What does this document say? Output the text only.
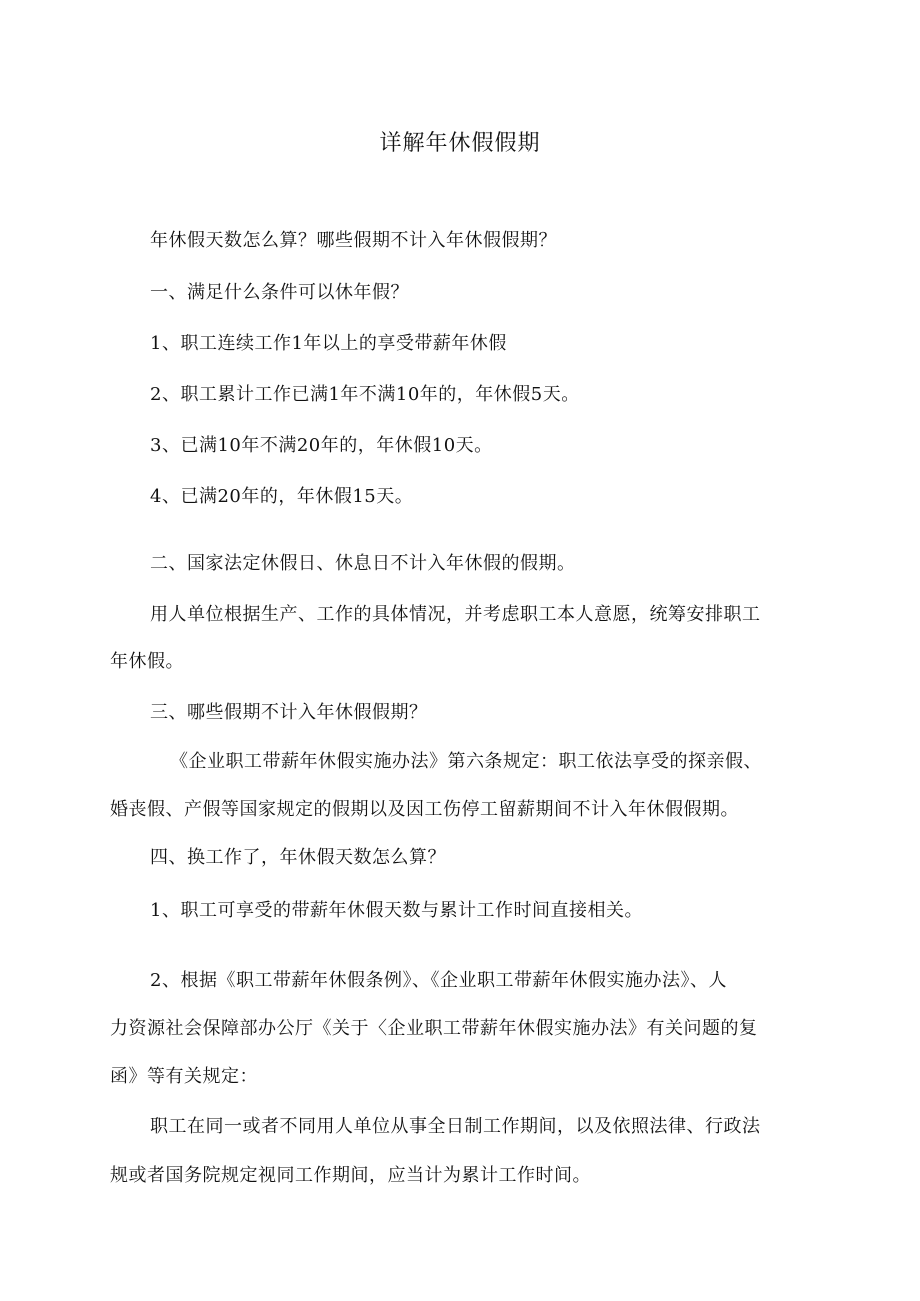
详解年休假假期
年休假天数怎么算？哪些假期不计入年休假假期？
一、满足什么条件可以休年假？
1、职工连续工作1年以上的享受带薪年休假
2、职工累计工作已满1年不满10年的，年休假5天。
3、已满10年不满20年的，年休假10天。
4、已满20年的，年休假15天。
二、国家法定休假日、休息日不计入年休假的假期。
用人单位根据生产、工作的具体情况，并考虑职工本人意愿，统筹安排职工
年休假。
三、哪些假期不计入年休假假期？
《企业职工带薪年休假实施办法》第六条规定：职工依法享受的探亲假、
婚丧假、产假等国家规定的假期以及因工伤停工留薪期间不计入年休假假期。
四、换工作了，年休假天数怎么算？
1、职工可享受的带薪年休假天数与累计工作时间直接相关。
2、根据《职工带薪年休假条例》、《企业职工带薪年休假实施办法》、人
力资源社会保障部办公厅《关于〈企业职工带薪年休假实施办法》有关问题的复
函》等有关规定：
职工在同一或者不同用人单位从事全日制工作期间，以及依照法律、行政法
规或者国务院规定视同工作期间，应当计为累计工作时间。
